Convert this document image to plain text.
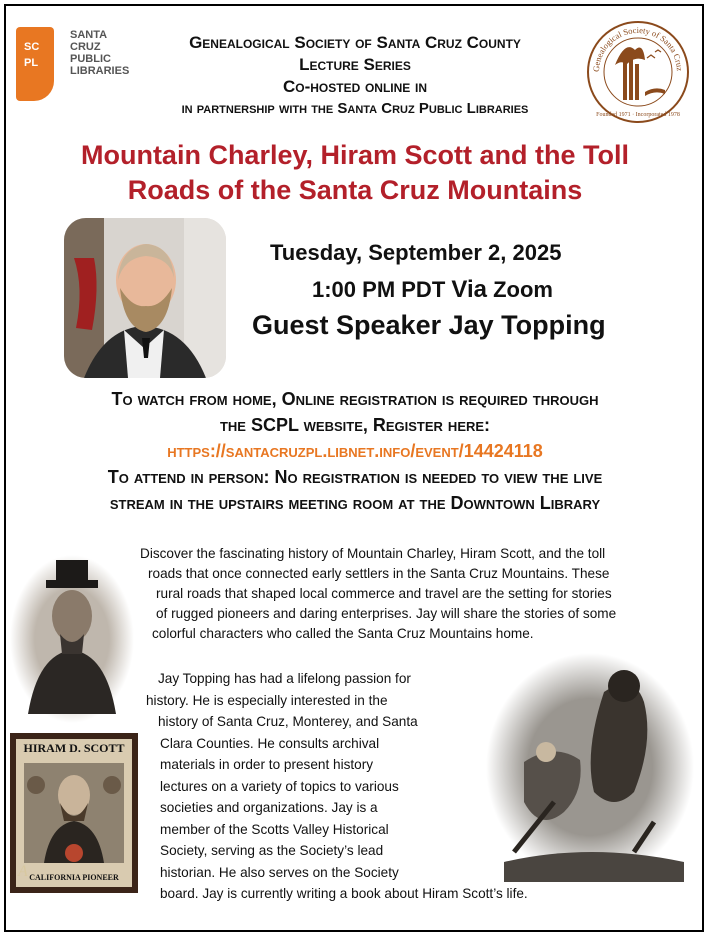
SC
PL
SANTA
CRUZ
PUBLIC
LIBRARIES
Genealogical Society of Santa Cruz County
Lecture Series
Co-hosted online in
in partnership with the Santa Cruz Public Libraries
Genealogical Society of Santa Cruz
Founded 1971 · Incorporated 1978
Mountain Charley, Hiram Scott and the Toll
Roads of the Santa Cruz Mountains
Tuesday, September 2, 2025
1:00 PM PDT Via Zoom
Guest Speaker Jay Topping
To watch from home, Online registration is required through
the SCPL website, Register here:
https://santacruzpl.libnet.info/event/14424118
To attend in person: No registration is needed to view the live
stream in the upstairs meeting room at the Downtown Library
HIRAM D. SCOTT
A CALIFORNIA PIONEER
Discover the fascinating history of Mountain Charley, Hiram Scott, and the toll
roads that once connected early settlers in the Santa Cruz Mountains. These
rural roads that shaped local commerce and travel are the setting for stories
of rugged pioneers and daring enterprises. Jay will share the stories of some
colorful characters who called the Santa Cruz Mountains home.
Jay Topping has had a lifelong passion for
history. He is especially interested in the
history of Santa Cruz, Monterey, and Santa
Clara Counties. He consults archival
materials in order to present history
lectures on a variety of topics to various
societies and organizations. Jay is a
member of the Scotts Valley Historical
Society, serving as the Society’s lead
historian. He also serves on the Society
board. Jay is currently writing a book about Hiram Scott’s life.
